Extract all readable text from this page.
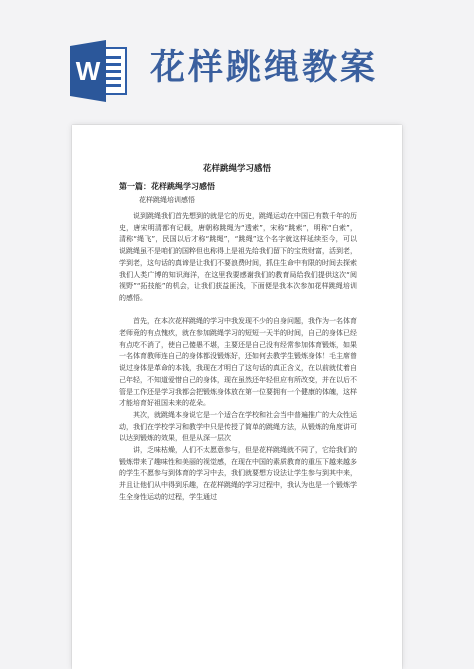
W 花样跳绳教案
花样跳绳学习感悟
第一篇：花样跳绳学习感悟
花样跳绳培训感悟

说到跳绳我们首先想到的就是它的历史，跳绳运动在中国已有数千年的历史，唐宋明清都有记载，唐朝称跳绳为“透索”，宋称“跳索”，明称“白索”，清称“绳飞”，民国以后才称“跳绳”，“跳绳”这个名字就这样延续至今，可以说跳绳虽不是咱们的国粹但也称得上是祖先给我们留下的宝贵财富，活到老，学到老，这句话的真谛是让我们不要浪费时间，抓住生命中有限的时间去探索我们人类广博的知识海洋，在这里我要感谢我们的教育局给我们提供这次“阅视野”“拓技能”的机会，让我们获益匪浅，下面便是我本次参加花样跳绳培训的感悟。

首先，在本次花样跳绳的学习中我发现不少的自身问题，我作为一名体育老师竟的有点愧疚，就在参加跳绳学习的短短一天半的时间，自己的身体已经有点吃不消了，使自己傻愚不堪，主要还是自己没有经常参加体育锻炼，如果一名体育教师连自己的身体都没锻炼好，还如何去教学生锻炼身体！毛主席曾说过身体是革命的本钱，我现在才明白了这句话的真正含义，在以前就仗着自己年轻，不知道爱惜自己的身体，现在虽然还年轻但应有所改变，并在以后不管是工作还是学习我都会把锻炼身体放在第一位要拥有一个健康的体魄，这样才能培育好祖国未来的花朵。

其次，就跳绳本身说它是一个适合在学校和社会当中普遍推广的大众性运动，我们在学校学习和教学中只是传授了简单的跳绳方法，从锻炼的角度讲可以达到锻炼的效果，但是从深一层次

讲，乏味枯燥，人们不太愿意参与，但是花样跳绳就不同了，它给我们的锻炼带来了趣味性和美丽的视觉感，在现在中国的素质教育的重压下越来越多的学生不愿参与到体育的学习中去，我们就要想方设法让学生参与到其中来，并且让他们从中得到乐趣，在花样跳绳的学习过程中，我认为也是一个锻炼学生全身性运动的过程，学生通过
